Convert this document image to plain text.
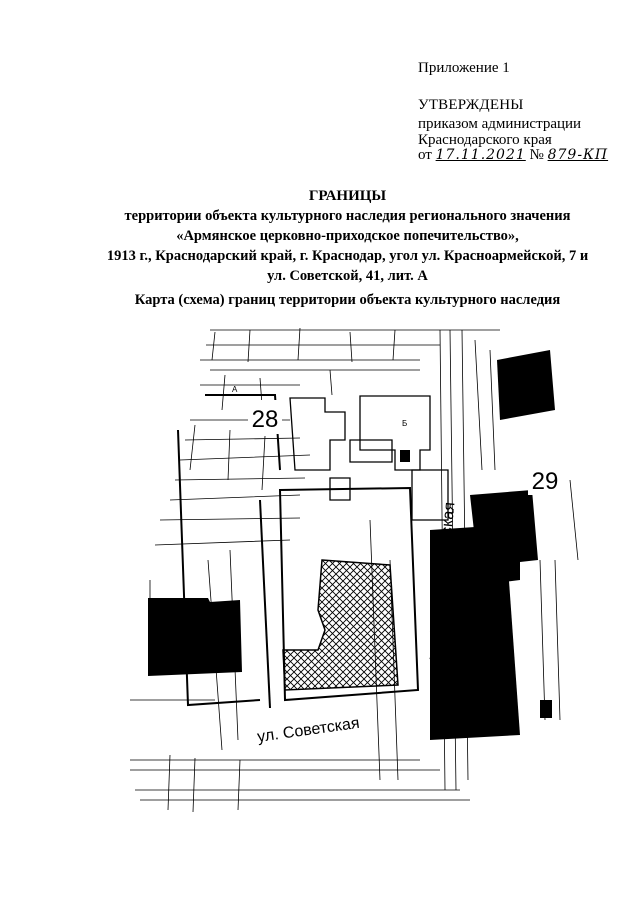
Приложение 1
УТВЕРЖДЕНЫ
приказом администрации
Краснодарского края
от 17.11.2021 № 879-КП
ГРАНИЦЫ
территории объекта культурного наследия регионального значения
«Армянское церковно-приходское попечительство»,
1913 г., Краснодарский край, г. Краснодар, угол ул. Красноармейской, 7 и
ул. Советской, 41, лит. А
Карта (схема) границ территории объекта культурного наследия
28
29
А
Б
ул. Советская
ул. Красноармейская
